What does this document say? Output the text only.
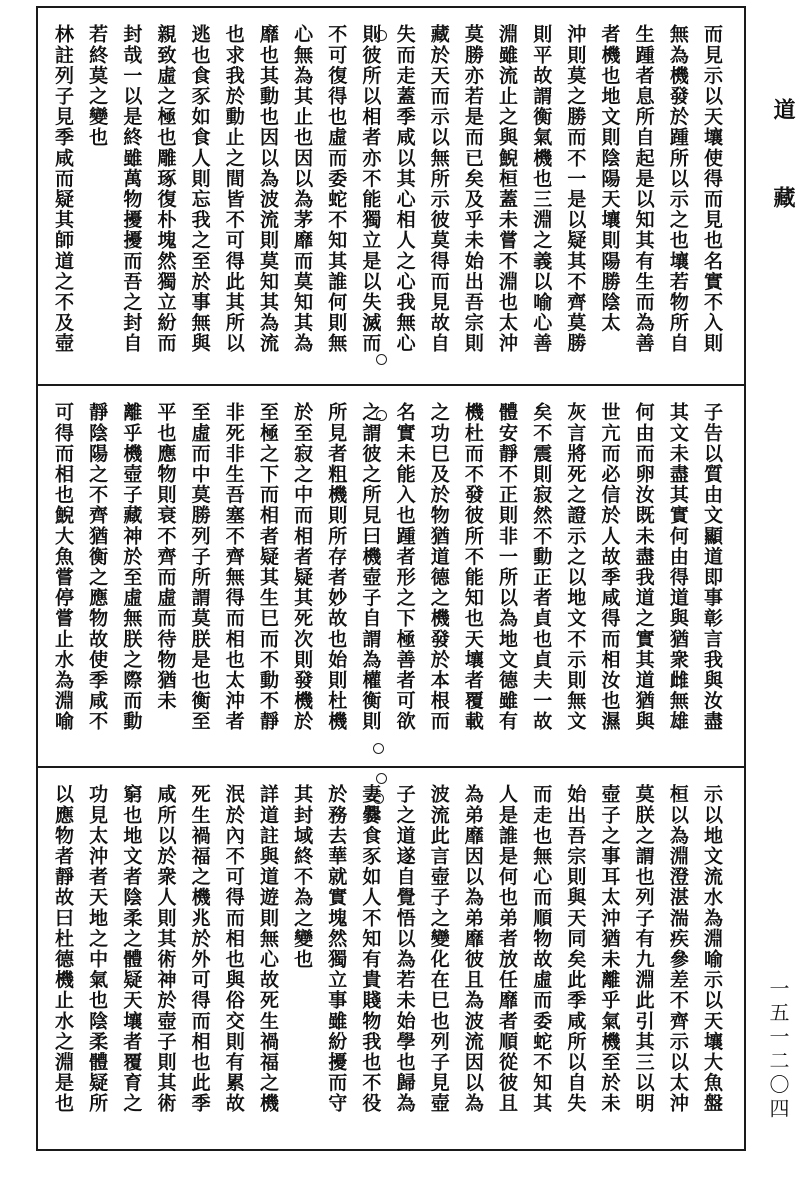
道
藏
一五一二〇四
而見示以天壤使得而見也名實不入則
無為機發於踵所以示之也壤若物所自
生踵者息所自起是以知其有生而為善
者機也地文則陰陽天壤則陽勝陰太
沖則莫之勝而不一是以疑其不齊莫勝
則平故謂衡氣機也三淵之義以喻心善
淵雖流止之與鯢桓蓋未嘗不淵也太沖
莫勝亦若是而已矣及乎未始出吾宗則
藏於天而示以無所示彼莫得而見故自
失而走蓋季咸以其心相人之心我無心
則彼所以相者亦不能獨立是以失滅而
不可復得也虛而委蛇不知其誰何則無
心無為其止也因以為茅靡而莫知其為
靡也其動也因以為波流則莫知其為流
也求我於動止之間皆不可得此其所以
逃也食豕如食人則忘我之至於事無與
親致虛之極也雕琢復朴塊然獨立紛而
封哉一以是終雖萬物擾擾而吾之封自
若終莫之變也
林註列子見季咸而疑其師道之不及壺
子告以質由文顯道即事彰言我與汝盡
其文未盡其實何由得道與猶衆雌無雄
何由而卵汝既未盡我道之實其道猶與
世亢而必信於人故季咸得而相汝也濕
灰言將死之證示之以地文不示則無文
矣不震則寂然不動正者貞也貞夫一故
體安靜不正則非一所以為地文德雖有
機杜而不發彼所不能知也天壤者覆載
之功巳及於物猶道德之機發於本根而
名實未能入也踵者形之下極善者可欲
之謂彼之所見曰機壺子自謂為權衡則
所見者粗機則所存者妙故也始則杜機
於至寂之中而相者疑其死次則發機於
至極之下而相者疑其生巳而不動不靜
非死非生吾塞不齊無得而相也太沖者
至虛而中莫勝列子所謂莫朕是也衡至
平也應物則衰不齊而虛而待物猶未
離乎機壺子藏神於至虛無朕之際而動
靜陰陽之不齊猶衡之應物故使季咸不
可得而相也鯢大魚嘗停嘗止水為淵喻
示以地文流水為淵喻示以天壤大魚盤
桓以為淵澄湛湍疾參差不齊示以太沖
莫朕之謂也列子有九淵此引其三以明
壺子之事耳太沖猶未離乎氣機至於未
始出吾宗則與天同矣此季咸所以自失
而走也無心而順物故虛而委蛇不知其
人是誰是何也弟者放任靡者順從彼且
為弟靡因以為弟靡彼且為波流因以為
波流此言壺子之變化在巳也列子見壺
子之道遂自覺悟以為若未始學也歸為
妻爨食豕如人不知有貴賤物我也不役
於務去華就實塊然獨立事雖紛擾而守
其封域終不為之變也
詳道註與道遊則無心故死生禍福之機
泯於內不可得而相也與俗交則有累故
死生禍福之機兆於外可得而相也此季
咸所以於衆人則其術神於壺子則其術
窮也地文者陰柔之體疑天壤者覆育之
功見太沖者天地之中氣也陰柔體疑所
以應物者靜故曰杜德機止水之淵是也
